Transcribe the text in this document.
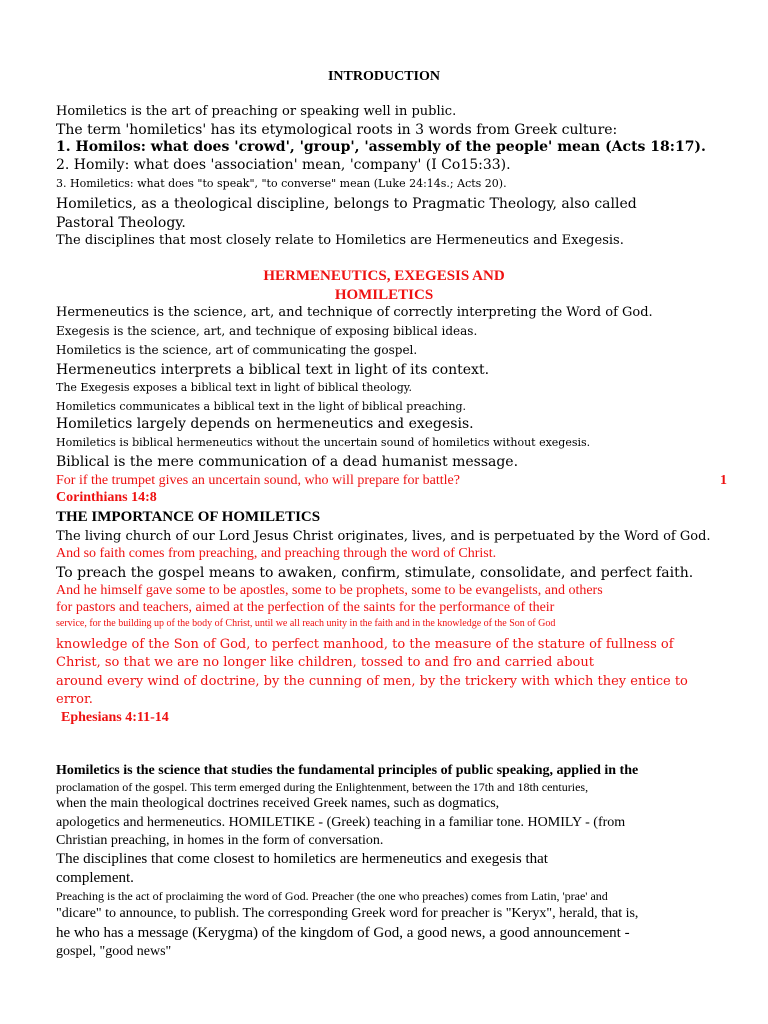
INTRODUCTION
Homiletics is the art of preaching or speaking well in public.
The term 'homiletics' has its etymological roots in 3 words from Greek culture:
1. Homilos: what does 'crowd', 'group', 'assembly of the people' mean (Acts 18:17).
2. Homily: what does 'association' mean, 'company' (I Co15:33).
3. Homiletics: what does "to speak", "to converse" mean (Luke 24:14s.; Acts 20).
Homiletics, as a theological discipline, belongs to Pragmatic Theology, also called
Pastoral Theology.
The disciplines that most closely relate to Homiletics are Hermeneutics and Exegesis.
HERMENEUTICS, EXEGESIS AND
HOMILETICS
Hermeneutics is the science, art, and technique of correctly interpreting the Word of God.
Exegesis is the science, art, and technique of exposing biblical ideas.
Homiletics is the science, art of communicating the gospel.
Hermeneutics interprets a biblical text in light of its context.
The Exegesis exposes a biblical text in light of biblical theology.
Homiletics communicates a biblical text in the light of biblical preaching.
Homiletics largely depends on hermeneutics and exegesis.
Homiletics is biblical hermeneutics without the uncertain sound of homiletics without exegesis.
Biblical is the mere communication of a dead humanist message.
For if the trumpet gives an uncertain sound, who will prepare for battle?	1
Corinthians 14:8
THE IMPORTANCE OF HOMILETICS
The living church of our Lord Jesus Christ originates, lives, and is perpetuated by the Word of God.
And so faith comes from preaching, and preaching through the word of Christ.
To preach the gospel means to awaken, confirm, stimulate, consolidate, and perfect faith.
And he himself gave some to be apostles, some to be prophets, some to be evangelists, and others
for pastors and teachers, aimed at the perfection of the saints for the performance of their
service, for the building up of the body of Christ, until we all reach unity in the faith and in the knowledge of the Son of God
knowledge of the Son of God, to perfect manhood, to the measure of the stature of fullness of
Christ, so that we are no longer like children, tossed to and fro and carried about
around every wind of doctrine, by the cunning of men, by the trickery with which they entice to
error.
Ephesians 4:11-14
Homiletics is the science that studies the fundamental principles of public speaking, applied in the
proclamation of the gospel. This term emerged during the Enlightenment, between the 17th and 18th centuries,
when the main theological doctrines received Greek names, such as dogmatics,
apologetics and hermeneutics. HOMILETIKE - (Greek) teaching in a familiar tone. HOMILY - (from
Christian preaching, in homes in the form of conversation.
The disciplines that come closest to homiletics are hermeneutics and exegesis that
complement.
Preaching is the act of proclaiming the word of God. Preacher (the one who preaches) comes from Latin, 'prae' and
"dicare" to announce, to publish. The corresponding Greek word for preacher is "Keryx", herald, that is,
he who has a message (Kerygma) of the kingdom of God, a good news, a good announcement -
gospel, "good news"
